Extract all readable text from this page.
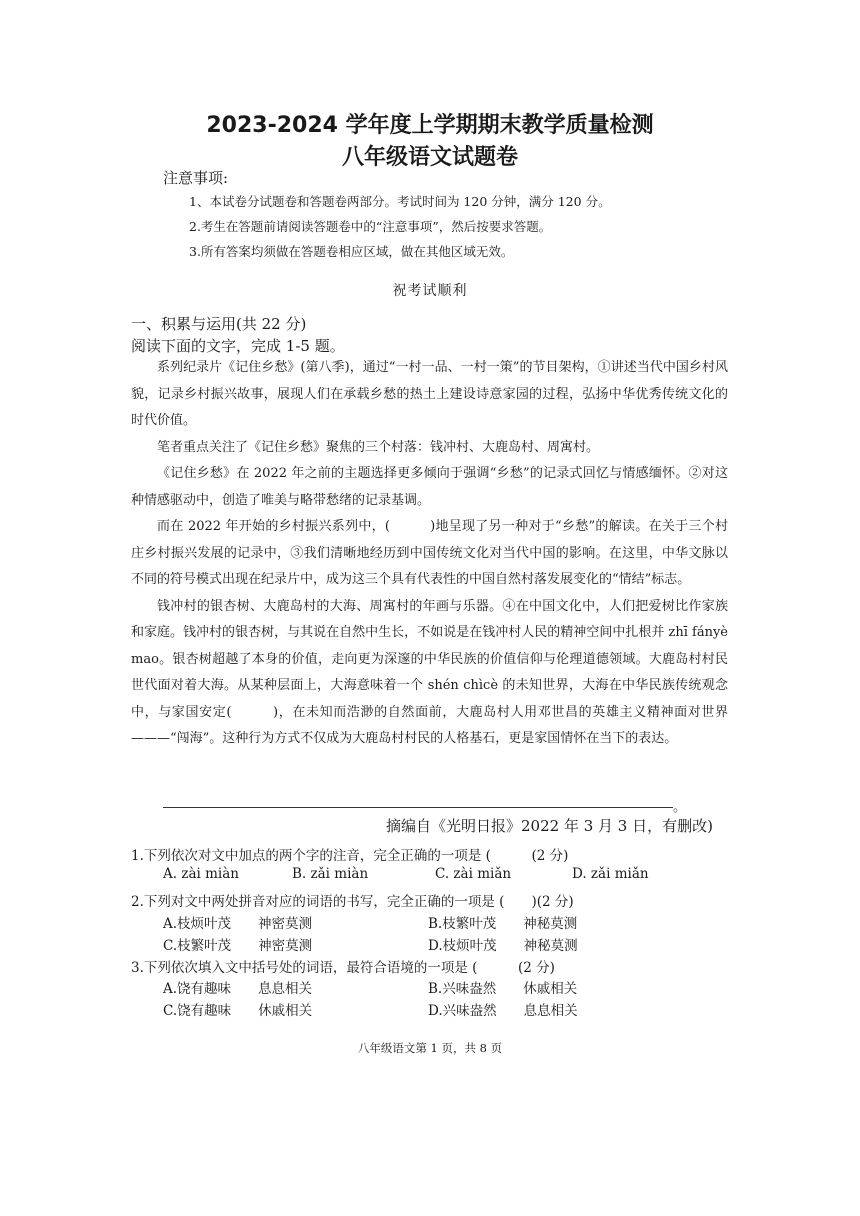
2023-2024 学年度上学期期末教学质量检测
八年级语文试题卷
注意事项:
1、本试卷分试题卷和答题卷两部分。考试时间为 120 分钟，满分 120 分。
2.考生在答题前请阅读答题卷中的“注意事项”，然后按要求答题。
3.所有答案均须做在答题卷相应区域，做在其他区域无效。
祝考试顺利
一、积累与运用(共 22 分)
阅读下面的文字，完成 1-5 题。

系列纪录片《记住乡愁》(第八季)，通过“一村一品、一村一策”的节目架构，①讲述当代中国乡村风貌，记录乡村振兴故事，展现人们在承载乡愁的热土上建设诗意家园的过程，弘扬中华优秀传统文化的时代价值。

笔者重点关注了《记住乡愁》聚焦的三个村落：钱冲村、大鹿岛村、周寓村。

《记住乡愁》在 2022 年之前的主题选择更多倾向于强调“乡愁”的记录式回忆与情感缅怀。②对这种情感驱动中，创造了唯美与略带愁绪的记录基调。

而在 2022 年开始的乡村振兴系列中，(　　　)地呈现了另一种对于“乡愁”的解读。在关于三个村庄乡村振兴发展的记录中，③我们清晰地经历到中国传统文化对当代中国的影响。在这里，中华文脉以不同的符号模式出现在纪录片中，成为这三个具有代表性的中国自然村落发展变化的“情结”标志。

钱冲村的银杏树、大鹿岛村的大海、周寓村的年画与乐器。④在中国文化中，人们把爱树比作家族和家庭。钱冲村的银杏树，与其说在自然中生长，不如说是在钱冲村人民的精神空间中扎根并 zhī fányè mao。银杏树超越了本身的价值，走向更为深邃的中华民族的价值信仰与伦理道德领域。大鹿岛村村民世代面对着大海。从某种层面上，大海意味着一个 shén chìcè 的未知世界，大海在中华民族传统观念中，与家国安定(　　　)，在未知而浩渺的自然面前，大鹿岛村人用邓世昌的英雄主义精神面对世界———“闯海”。这种行为方式不仅成为大鹿岛村村民的人格基石，更是家国情怀在当下的表达。

。
摘编自《光明日报》2022 年 3 月 3 日，有删改)
1.下列依次对文中加点的两个字的注音，完全正确的一项是 (　　　(2 分)
A. zài miàn	B. zǎi miàn	C. zài miǎn	D. zǎi miǎn
2.下列对文中两处拼音对应的词语的书写，完全正确的一项是 (　　)(2 分)
A.枝烦叶茂　　神密莫测	B.枝繁叶茂　　神秘莫测
C.枝繁叶茂　　神密莫测	D.枝烦叶茂　　神秘莫测
3.下列依次填入文中括号处的词语，最符合语境的一项是 (　　　(2 分)
A.饶有趣味　　息息相关	B.兴味盎然　　休戚相关
C.饶有趣味　　休戚相关	D.兴味盎然　　息息相关
八年级语文第 1 页，共 8 页
